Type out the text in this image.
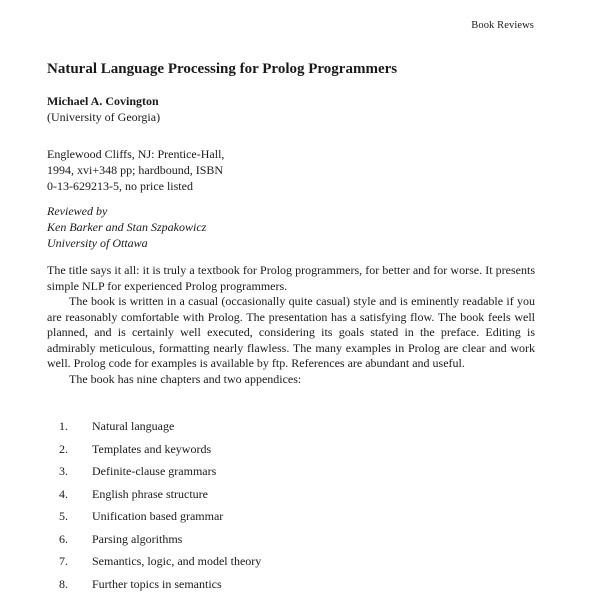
Book Reviews
Natural Language Processing for Prolog Programmers
Michael A. Covington
(University of Georgia)
Englewood Cliffs, NJ: Prentice-Hall,
1994, xvi+348 pp; hardbound, ISBN
0-13-629213-5, no price listed
Reviewed by
Ken Barker and Stan Szpakowicz
University of Ottawa

The title says it all: it is truly a textbook for Prolog programmers, for better and for worse. It presents simple NLP for experienced Prolog programmers.

The book is written in a casual (occasionally quite casual) style and is eminently readable if you are reasonably comfortable with Prolog. The presentation has a satisfying flow. The book feels well planned, and is certainly well executed, considering its goals stated in the preface. Editing is admirably meticulous, formatting nearly flawless. The many examples in Prolog are clear and work well. Prolog code for examples is available by ftp. References are abundant and useful.

The book has nine chapters and two appendices:

1.	Natural language
2.	Templates and keywords
3.	Definite-clause grammars
4.	English phrase structure
5.	Unification based grammar
6.	Parsing algorithms
7.	Semantics, logic, and model theory
8.	Further topics in semantics
